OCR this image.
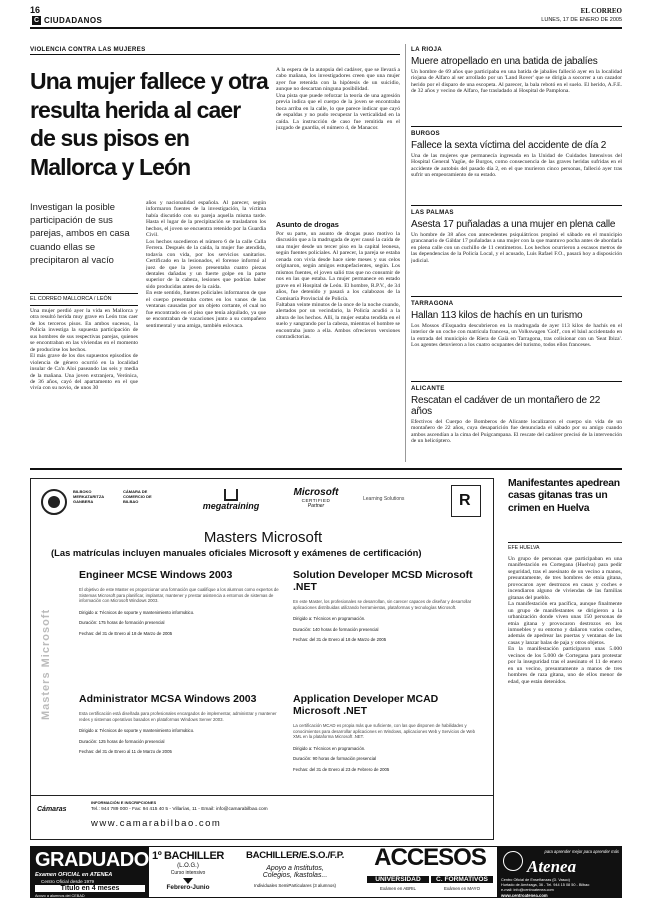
16
C CIUDADANOS
EL CORREO
LUNES, 17 DE ENERO DE 2005
VIOLENCIA CONTRA LAS MUJERES
Una mujer fallece y otra resulta herida al caer de sus pisos en Mallorca y León
Investigan la posible participación de sus parejas, ambos en casa cuando ellas se precipitaron al vacío
EL CORREO MALLORCA / LEÓN
Una mujer perdió ayer la vida en Mallorca y otra resultó herida muy grave en León tras caer de los terceros pisos. En ambos sucesos, la Policía investiga la supuesta participación de sus hombres de sus respectivas parejas, quienes se encontraban en las viviendas en el momento de producirse los hechos.
El más grave de los dos supuestos episodios de violencia de género ocurrió en la localidad insular de Ca'n Aloi paseando las seis y media de la mañana. Una joven extranjera, Verónica, de 36 años, cayó del apartamento en el que vivía con su novio, de unos 30
años y nacionalidad española. Al parecer, según informaron fuentes de la investigación, la víctima había discutido con su pareja aquella misma tarde. Hasta el lugar de la precipitación se trasladaron los hechos, el joven se encuentra retenido por la Guardia Civil.
Los hechos sucedieron el número 6 de la calle Calla Ferrera. Después de la caída, la mujer fue atendida, todavía con vida, por los servicios sanitarios. Certificado en la lesionados, el forense informó al juez de que la joven presentaba cuatro piezas dentales dañadas y un fuerte golpe en la parte superior de la cabeza, lesiones que podrían haber sido producidas antes de la caída.
En este sentido, fuentes policiales informaron de que el cuerpo presentaba cortes en los vanos de las ventanas causadas por un objeto cortante, el cual no fue encontrado en el piso que tenía alquilado, ya que se encontraban de vacaciones junto a su compañero sentimental y una amiga, también eslovaca.
A la espera de la autopsia del cadáver, que se llevará a cabo mañana, los investigadores creen que una mujer ayer fue retenida con la hipótesis de un suicidio, aunque no descartan ninguna posibilidad.
Una pista que puede reforzar la teoría de una agresión previa indica que el cuerpo de la joven se encontraba boca arriba en la calle, lo que parece indicar que cayó de espaldas y no pudo recuperar la verticalidad en la caída. La instrucción de caso fue remitida en el juzgado de guardia, el número 4, de Manacor.
Asunto de drogas
Por su parte, un asunto de drogas puso motivo la discusión que a la madrugada de ayer causó la caída de una mujer desde un tercer piso en la capital leonesa, según fuentes policiales. Al parecer, la pareja se estaba cenada con vivía desde hace siete meses y sus celos originaron, según amigos estupefacientes, según. Los mismos fuentes, el joven salió tras que no consumir de nos en las que estaba. La mujer permanece en estado grave en el Hospital de León. El hombre, R.P.V., de 34 años, fue detenido y pasará a los calabozos de la Comisaría Provincial de Policía.
Faltaban veinte minutos de la once de la noche cuando, alertados por un vecindario, la Policía acudió a la altura de los hechos. Allí, la mujer estaba tendida en el suelo y sangrando por la cabeza, mientras el hombre se encontraba junto a ella. Ambos ofrecieron versiones contradictorias.
LA RIOJA
Muere atropellado en una batida de jabalíes
Un hombre de 69 años que participaba en una batida de jabalíes falleció ayer en la localidad riojana de Alfaro al ser arrollado por un 'Land Rover' que se dirigía a socorrer a un cazador herido por el disparo de una escopeta. Al parecer, la bala rebotó en el suelo. El herido, A.F.E. de 32 años y vecino de Alfaro, fue trasladado al Hospital de Pamplona.
BURGOS
Fallece la sexta víctima del accidente de día 2
Una de las mujeres que permanecía ingresada en la Unidad de Cuidados Intensivos del Hospital General Yagüe, de Burgos, como consecuencia de las graves heridas sufridas en el accidente de autobús del pasado día 2, en el que murieron cinco personas, falleció ayer tras sufrir un empeoramiento de su estado.
LAS PALMAS
Asesta 17 puñaladas a una mujer en plena calle
Un hombre de 38 años con antecedentes psiquiátricos propinó el sábado en el municipio grancanario de Gáldar 17 puñaladas a una mujer con la que mantuvo pocha antes de abordarla en plena calle con un cuchillo de 11 centímetros. Los hechos ocurrieron a escasos metros de las dependencias de la Policía Local, y el acusado, Luis Rafael F.O., pasará hoy a disposición judicial.
TARRAGONA
Hallan 113 kilos de hachís en un turismo
Los Mossos d'Esquadra descubrieron en la madrugada de ayer 113 kilos de hachís en el interior de un coche con matrícula francesa, un Volkswagen 'Golf', con el bául accidentado en la entrada del municipio de Riera de Gaià en Tarragona, tras colisionar con un 'Seat Ibiza'. Los agentes detuvieron a los cuatro ocupantes del turismo, todos ellos franceses.
ALICANTE
Rescatan el cadáver de un montañero de 22 años
Efectivos del Cuerpo de Bomberos de Alicante localizaron el cuerpo sin vida de un montañero de 22 años, cuya desaparición fue denunciada el sábado por su amigo cuando ambos ascendían a la cima del Puigcampana. El rescate del cadáver precisó de la intervención de un helicóptero.
BILBOKO MERKATARITZA GANBERA
CÁMARA DE COMERCIO DE BILBAO	megatraining
Microsoft
CERTIFIED
Partner
Learning Solutions	R
Masters Microsoft
Masters Microsoft
(Las matrículas incluyen manuales oficiales Microsoft y exámenes de certificación)
Engineer MCSE Windows 2003
El objetivo de este Master es proporcionar una formación que cualifique a los alumnos como expertos de Sistemas Microsoft para planificar, implantar, mantener y prestar asistencia a entornos de sistemas de información con Microsoft Windows 2003.
Dirigido a: Técnicos de soporte y mantenimiento informático.
Duración: 175 horas de formación presencial
Fechas: del 31 de Enero al 18 de Marzo de 2005
Solution Developer MCSD Microsoft .NET
En este Master, los profesionales se desarrollan, sin carecer capaces de diseñar y desarrollar aplicaciones distribuidas utilizando herramientas, plataformas y tecnologías Microsoft.
Dirigido a: Técnicos en programación.
Duración: 140 horas de formación presencial
Fechas: del 31 de Enero al 18 de Marzo de 2005
Administrator MCSA Windows 2003
Esta certificación está diseñada para profesionales encargados de implementar, administrar y mantener redes y sistemas operativos basados en plataformas Windows Server 2003.
Dirigido a: Técnicos de soporte y mantenimiento informático.
Duración: 125 horas de formación presencial
Fechas: del 31 de Enero al 11 de Marzo de 2005
Application Developer MCAD Microsoft .NET
La certificación MCAD es propia más que suficiente, con las que disponen de habilidades y conocimientos para desarrollar aplicaciones en Windows, aplicaciones Web y Servicios de Web XML en la plataforma Microsoft .NET.
Dirigido a: Técnicos en programación.
Duración: 90 horas de formación presencial
Fechas: del 31 de Enero al 23 de Febrero de 2005
INFORMACIÓN E INSCRIPCIONES
Tel.: 944 789 000 - Fax: 94 415 40 5 - Villarías, 11 - Email: info@camarabilbao.com
Cámaras
www.camarabilbao.com
Manifestantes apedrean casas gitanas tras un crimen en Huelva
EFE HUELVA
Un grupo de personas que participaban en una manifestación en Cortegana (Huelva) para pedir seguridad, tras el asesinato de un vecino a manos, presuntamente, de tres hombres de etnia gitana, provocaron ayer destrozos en casas y coches e incendiaron alguno de viviendas de las familias gitanas del pueblo.
La manifestación era pacífica, aunque finalmente un grupo de manifestantes se dirigieron a la urbanización donde viven unas 150 personas de etnia gitana y provocaron destrozos en los inmuebles y su entorno y dañaron varios coches, además de apedrear las puertas y ventanas de las casas y lanzar balas de paja y otros objetos.
En la manifestación participaron unas 5.000 vecinos de los 5.000 de Cortegana para protestar por la inseguridad tras el asesinato el 11 de enero en un vecino, presuntamente a manos de tres hombres de raza gitana, uno de ellos menor de edad, que están detenidos.
GRADUADO
Examen OFICIAL en ATENEA
Centro Oficial desde 1979
Título en 4 meses
Apoyo a alumnos del CEBAD
1º BACHILLER
(L.O.G.)
Curso intensivo
Febrero-Junio
BACHILLER/E.S.O./F.P.
Apoyo a Institutos,
Colegios, Ikastolas...
Individuales SemiParticulares (3 alumnos)
ACCESOS
UNIVERSIDAD	C. FORMATIVOS
Exámen en ABRIL	Exámen en MAYO
para aprender mejor para aprender más
Atenea
Centro Oficial de Enseñanzas (D. Vasco)
Hurtado de Amézaga, 36 - Tel. 944 15 08 50 - Bilbao
e-mail: info@centroatenea.com
www.centroatenea.com
